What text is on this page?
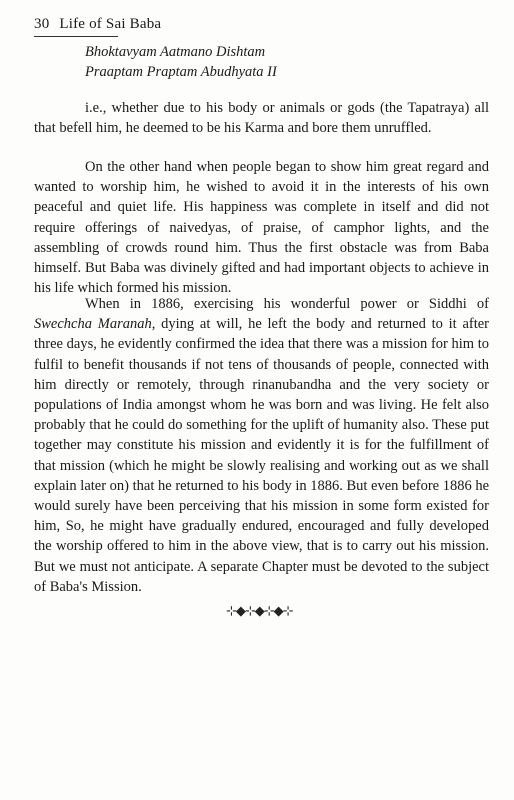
30 Life of Sai Baba
Bhoktavyam Aatmano Dishtam
Praaptam Praptam Abudhyata II
i.e., whether due to his body or animals or gods (the Tapatraya) all that befell him, he deemed to be his Karma and bore them unruffled.
On the other hand when people began to show him great regard and wanted to worship him, he wished to avoid it in the interests of his own peaceful and quiet life. His happiness was complete in itself and did not require offerings of naivedyas, of praise, of camphor lights, and the assembling of crowds round him. Thus the first obstacle was from Baba himself. But Baba was divinely gifted and had important objects to achieve in his life which formed his mission.
When in 1886, exercising his wonderful power or Siddhi of Swechcha Maranah, dying at will, he left the body and returned to it after three days, he evidently confirmed the idea that there was a mission for him to fulfil to benefit thousands if not tens of thousands of people, connected with him directly or remotely, through rinanubandha and the very society or populations of India amongst whom he was born and was living. He felt also probably that he could do something for the uplift of humanity also. These put together may constitute his mission and evidently it is for the fulfillment of that mission (which he might be slowly realising and working out as we shall explain later on) that he returned to his body in 1886. But even before 1886 he would surely have been perceiving that his mission in some form existed for him, So, he might have gradually endured, encouraged and fully developed the worship offered to him in the above view, that is to carry out his mission. But we must not anticipate. A separate Chapter must be devoted to the subject of Baba's Mission.
⊹◆⊹◆⊹◆⊹
